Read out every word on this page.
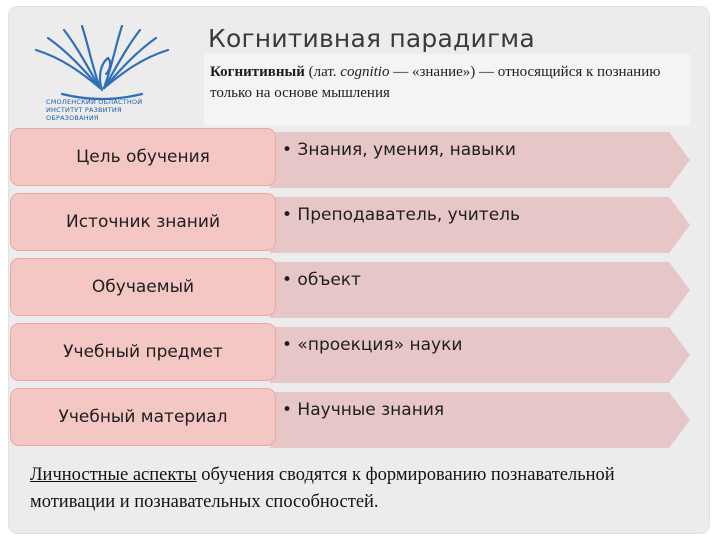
СМОЛЕНСКИЙ ОБЛАСТНОЙ ИНСТИТУТ РАЗВИТИЯ ОБРАЗОВАНИЯ
Когнитивная парадигма
Когнитивный (лат. cognitio — «знание») — относящийся к познанию только на основе мышления
• Знания, умения, навыки
Цель обучения
• Преподаватель, учитель
Источник знаний
• объект
Обучаемый
• «проекция» науки
Учебный предмет
• Научные знания
Учебный материал
Личностные аспекты обучения сводятся к формированию познавательной мотивации и познавательных способностей.
